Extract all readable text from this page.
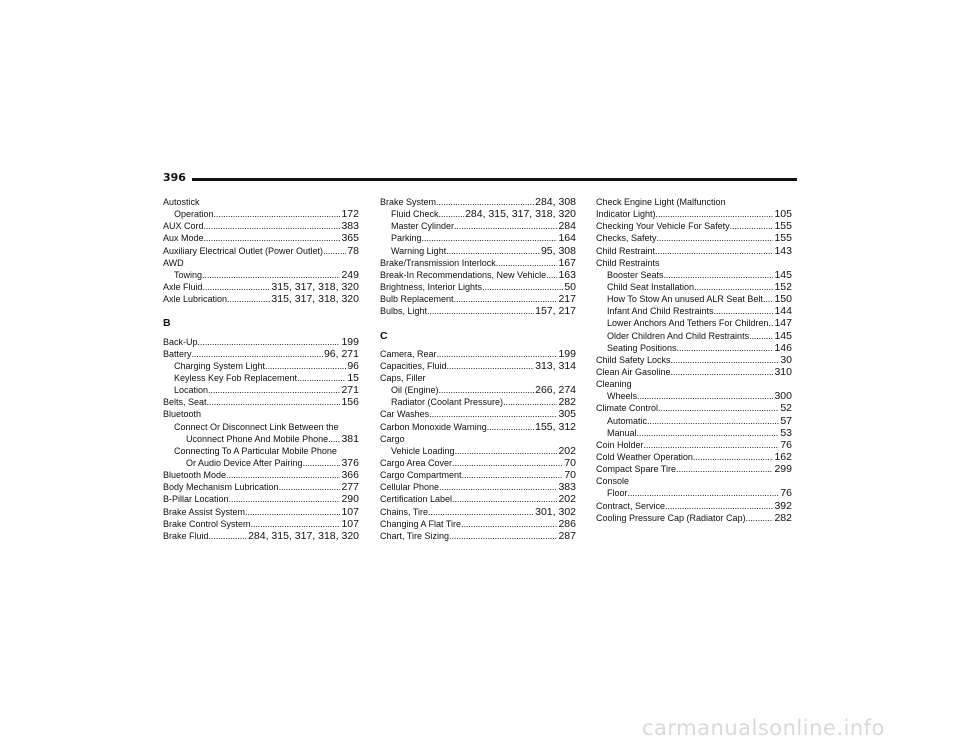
396
Autostick
Operation . . .	172
AUX Cord . . .	383
Aux Mode . . .	365
Auxiliary Electrical Outlet (Power Outlet) . . . 78
AWD
Towing . . .	249
Axle Fluid . . .	315, 317, 318, 320
Axle Lubrication . . .	315, 317, 318, 320
B
Back-Up . . .	199
Battery . . .	96, 271
Charging System Light . . .	96
Keyless Key Fob Replacement . . .	15
Location . . .	271
Belts, Seat . . .	156
Bluetooth
Connect Or Disconnect Link Between the
Uconnect Phone And Mobile Phone . . . 381
Connecting To A Particular Mobile Phone
Or Audio Device After Pairing . . .	376
Bluetooth Mode . . .	366
Body Mechanism Lubrication . . .	277
B-Pillar Location . . .	290
Brake Assist System . . .	107
Brake Control System . . .	107
Brake Fluid . . .	284, 315, 317, 318, 320
Brake System . . .	284, 308
Fluid Check . . .	284, 315, 317, 318, 320
Master Cylinder . . .	284
Parking . . .	164
Warning Light . . .	95, 308
Brake/Transmission Interlock . . .	167
Break-In Recommendations, New Vehicle . . . 163
Brightness, Interior Lights . . .	50
Bulb Replacement . . .	217
Bulbs, Light . . .	157, 217
C
Camera, Rear . . .	199
Capacities, Fluid . . .	313, 314
Caps, Filler
Oil (Engine) . . .	266, 274
Radiator (Coolant Pressure) . . .	282
Car Washes . . .	305
Carbon Monoxide Warning . . .	155, 312
Cargo
Vehicle Loading . . .	202
Cargo Area Cover . . .	70
Cargo Compartment . . .	70
Cellular Phone . . .	383
Certification Label . . .	202
Chains, Tire . . .	301, 302
Changing A Flat Tire . . .	286
Chart, Tire Sizing . . .	287
Check Engine Light (Malfunction
Indicator Light) . . .	105
Checking Your Vehicle For Safety . . .	155
Checks, Safety . . .	155
Child Restraint . . .	143
Child Restraints
Booster Seats . . .	145
Child Seat Installation . . .	152
How To Stow An unused ALR Seat Belt . . . 150
Infant And Child Restraints . . .	144
Lower Anchors And Tethers For Children . . . 147
Older Children And Child Restraints . . . 145
Seating Positions . . .	146
Child Safety Locks . . .	30
Clean Air Gasoline . . .	310
Cleaning
Wheels . . .	300
Climate Control . . .	52
Automatic . . .	57
Manual . . .	53
Coin Holder . . .	76
Cold Weather Operation . . .	162
Compact Spare Tire . . .	299
Console
Floor . . .	76
Contract, Service . . .	392
Cooling Pressure Cap (Radiator Cap) . . .	282
carmanualsonline.info
